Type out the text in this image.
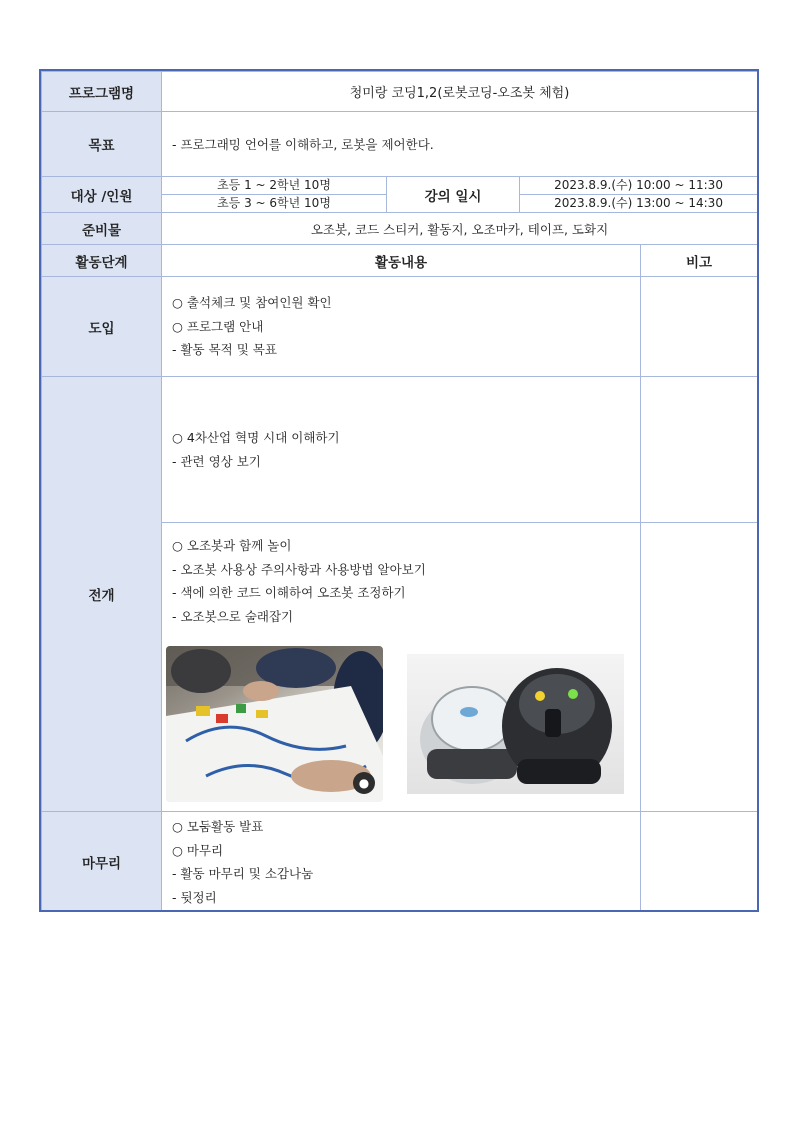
프로그램명	청미랑 코딩1,2(로봇코딩-오조봇 체험)			
목표	- 프로그래밍 언어를 이해하고, 로봇을 제어한다.			
대상 /인원	초등 1 ~ 2학년 10명	강의 일시	2023.8.9.(수) 10:00 ~ 11:30	
	초등 3 ~ 6학년 10명		2023.8.9.(수) 13:00 ~ 14:30	
준비물	오조봇, 코드 스티커, 활동지, 오조마카, 테이프, 도화지			
활동단계	활동내용			비고
도입	○ 출석체크 및 참여인원 확인
○ 프로그램 안내
- 활동 목적 및 목표			

전개	○ 4차산업 혁명 시대 이해하기
- 관련 영상 보기			

	○ 오조봇과 함께 놀이
- 오조봇 사용상 주의사항과 사용방법 알아보기
- 색에 의한 코드 이해하여 오조봇 조정하기
- 오조봇으로 술래잡기
●			

마무리	○ 모둠활동 발표
○ 마무리
- 활동 마무리 및 소감나눔
- 뒷정리			
